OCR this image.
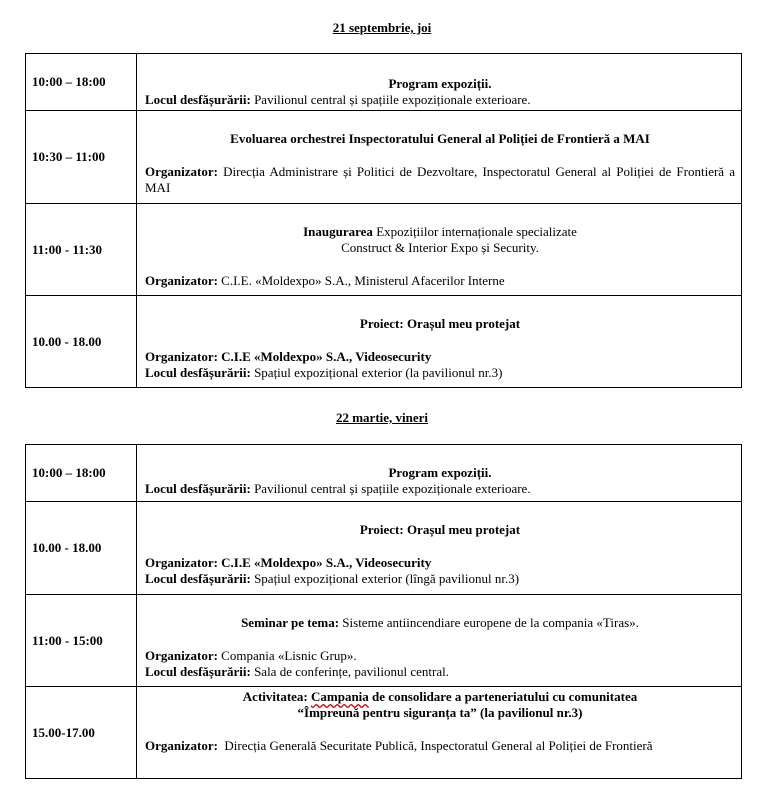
21 septembrie, joi
10:00 – 18:00	Program expoziții.
Locul desfășurării: Pavilionul central și spațiile expoziționale exterioare.

10:30 – 11:00	Evoluarea orchestrei Inspectoratului General al Poliției de Frontieră a MAI
Organizator: Direcția Administrare și Politici de Dezvoltare, Inspectoratul General al Poliției de Frontieră a MAI

11:00 - 11:30	Inaugurarea Expozițiilor internaționale specializate
Construct & Interior Expo și Security.
Organizator: C.I.E. «Moldexpo» S.A., Ministerul Afacerilor Interne

10.00 - 18.00	Proiect: Orașul meu protejat
Organizator: C.I.E «Moldexpo» S.A., Videosecurity
Locul desfășurării: Spațiul expozițional exterior (la pavilionul nr.3)
22 martie, vineri
10:00 – 18:00	Program expoziții.
Locul desfășurării: Pavilionul central și spațiile expoziționale exterioare.

10.00 - 18.00	Proiect: Orașul meu protejat
Organizator: C.I.E «Moldexpo» S.A., Videosecurity
Locul desfășurării: Spațiul expozițional exterior (lîngă pavilionul nr.3)

11:00 - 15:00	Seminar pe tema: Sisteme antiincendiare europene de la compania «Tiras».
Organizator: Compania «Lisnic Grup».
Locul desfășurării: Sala de conferințe, pavilionul central.

15.00-17.00	Activitatea: Campania de consolidare a parteneriatului cu comunitatea
“Împreună pentru siguranța ta” (la pavilionul nr.3)
Organizator: Direcția Generală Securitate Publică, Inspectoratul General al Poliției de Frontieră
